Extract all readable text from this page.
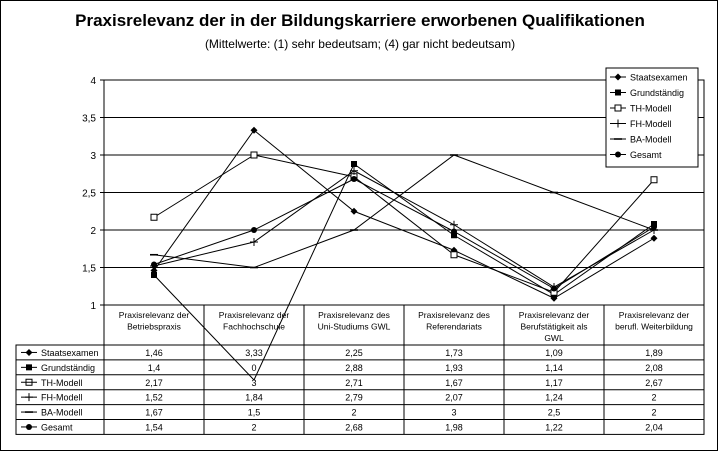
Praxisrelevanz der in der Bildungskarriere erworbenen Qualifikationen
(Mittelwerte: (1) sehr bedeutsam; (4) gar nicht bedeutsam)
1
1,5
2
2,5
3
3,5
4
Praxisrelevanz der
Betriebspraxis
Praxisrelevanz der
Fachhochschule
Praxisrelevanz des
Uni-Studiums GWL
Praxisrelevanz des
Referendariats
Praxisrelevanz der
Berufstätigkeit als
GWL
Praxisrelevanz der
berufl. Weiterbildung
Staatsexamen	1,46	3,33	2,25	1,73	1,09	1,89
Grundständig	1,4	0	2,88	1,93	1,14	2,08
TH-Modell	2,17	3	2,71	1,67	1,17	2,67
FH-Modell	1,52	1,84	2,79	2,07	1,24	2
BA-Modell	1,67	1,5	2	3	2,5	2
Gesamt	1,54	2	2,68	1,98	1,22	2,04
Staatsexamen
Grundständig
TH-Modell
FH-Modell
BA-Modell
Gesamt
